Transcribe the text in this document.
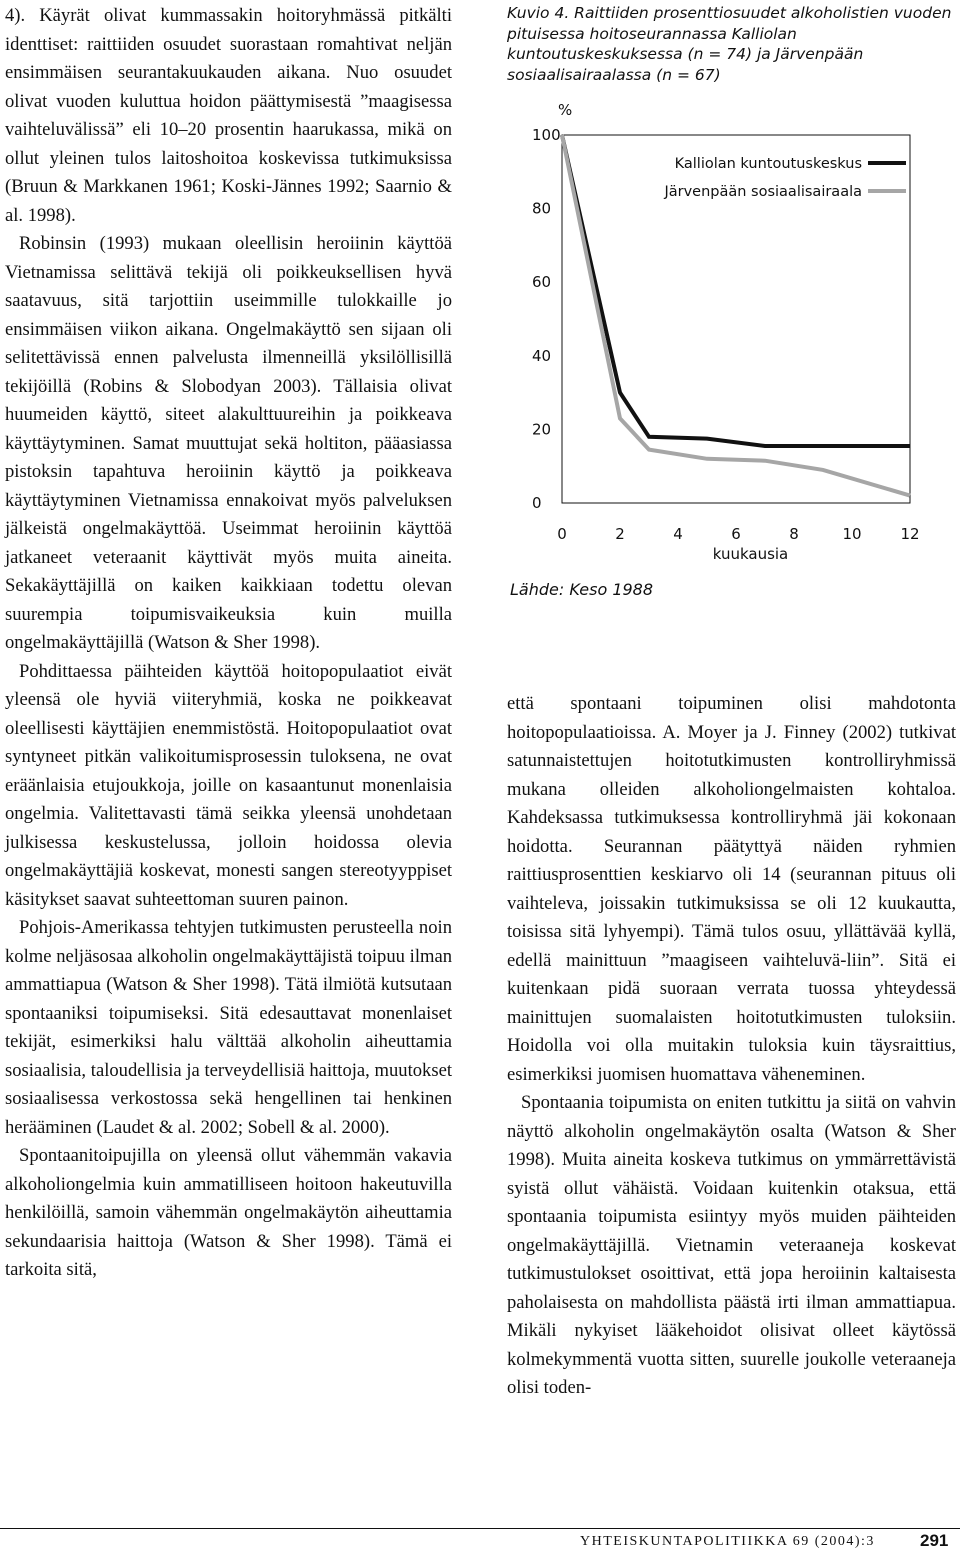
4). Käyrät olivat kummassakin hoitoryhmässä pitkälti identtiset: raittiiden osuudet suorastaan romahtivat neljän ensimmäisen seurantakuukauden aikana. Nuo osuudet olivat vuoden kuluttua hoidon päättymisestä ”maagisessa vaihteluvälissä” eli 10–20 prosentin haarukassa, mikä on ollut yleinen tulos laitoshoitoa koskevissa tutkimuksissa (Bruun & Markkanen 1961; Koski-Jännes 1992; Saarnio & al. 1998).

Robinsin (1993) mukaan oleellisin heroiinin käyttöä Vietnamissa selittävä tekijä oli poikkeuksellisen hyvä saatavuus, sitä tarjottiin useimmille tulokkaille jo ensimmäisen viikon aikana. Ongelmakäyttö sen sijaan oli selitettävissä ennen palvelusta ilmenneillä yksilöllisillä tekijöillä (Robins & Slobodyan 2003). Tällaisia olivat huumeiden käyttö, siteet alakulttuureihin ja poikkeava käyttäytyminen. Samat muuttujat sekä holtiton, pääasiassa pistoksin tapahtuva heroiinin käyttö ja poikkeava käyttäytyminen Vietnamissa ennakoivat myös palveluksen jälkeistä ongelmakäyttöä. Useimmat heroiinin käyttöä jatkaneet veteraanit käyttivät myös muita aineita. Sekakäyttäjillä on kaiken kaikkiaan todettu olevan suurempia toipumisvaikeuksia kuin muilla ongelmakäyttäjillä (Watson & Sher 1998).

Pohdittaessa päihteiden käyttöä hoitopopulaatiot eivät yleensä ole hyviä viiteryhmiä, koska ne poikkeavat oleellisesti käyttäjien enemmistöstä. Hoitopopulaatiot ovat syntyneet pitkän valikoitumisprosessin tuloksena, ne ovat eräänlaisia etujoukkoja, joille on kasaantunut monenlaisia ongelmia. Valitettavasti tämä seikka yleensä unohdetaan julkisessa keskustelussa, jolloin hoidossa olevia ongelmakäyttäjiä koskevat, monesti sangen stereotyyppiset käsitykset saavat suhteettoman suuren painon.

Pohjois-Amerikassa tehtyjen tutkimusten perusteella noin kolme neljäsosaa alkoholin ongelmakäyttäjistä toipuu ilman ammattiapua (Watson & Sher 1998). Tätä ilmiötä kutsutaan spontaaniksi toipumiseksi. Sitä edesauttavat monenlaiset tekijät, esimerkiksi halu välttää alkoholin aiheuttamia sosiaalisia, taloudellisia ja terveydellisiä haittoja, muutokset sosiaalisessa verkostossa sekä hengellinen tai henkinen herääminen (Laudet & al. 2002; Sobell & al. 2000).

Spontaanitoipujilla on yleensä ollut vähemmän vakavia alkoholiongelmia kuin ammatilliseen hoitoon hakeutuvilla henkilöillä, samoin vähemmän ongelmakäytön aiheuttamia sekundaarisia haittoja (Watson & Sher 1998). Tämä ei tarkoita sitä,

Kuvio 4. Raittiiden prosenttiosuudet alkoholistien vuoden pituisessa hoitoseurannassa Kalliolan kuntoutuskeskuksessa (n = 74) ja Järvenpään sosiaalisairaalassa (n = 67)
0
20
40
60
80
100
0	2	4	6	8	10	12
%
kuukausia
Kalliolan kuntoutuskeskus
Järvenpään sosiaalisairaala
Lähde: Keso 1988

että spontaani toipuminen olisi mahdotonta hoitopopulaatioissa. A. Moyer ja J. Finney (2002) tutkivat satunnaistettujen hoitotutkimusten kontrolliryhmissä mukana olleiden alkoholiongelmaisten kohtaloa. Kahdeksassa tutkimuksessa kontrolliryhmä jäi kokonaan hoidotta. Seurannan päätyttyä näiden ryhmien raittiusprosenttien keskiarvo oli 14 (seurannan pituus oli vaihteleva, joissakin tutkimuksissa se oli 12 kuukautta, toisissa sitä lyhyempi). Tämä tulos osuu, yllättävää kyllä, edellä mainittuun ”maagiseen vaihteluvä-liin”. Sitä ei kuitenkaan pidä suoraan verrata tuossa yhteydessä mainittujen suomalaisten hoitotutkimusten tuloksiin. Hoidolla voi olla muitakin tuloksia kuin täysraittius, esimerkiksi juomisen huomattava väheneminen.

Spontaania toipumista on eniten tutkittu ja siitä on vahvin näyttö alkoholin ongelmakäytön osalta (Watson & Sher 1998). Muita aineita koskeva tutkimus on ymmärrettävistä syistä ollut vähäistä. Voidaan kuitenkin otaksua, että spontaania toipumista esiintyy myös muiden päihteiden ongelmakäyttäjillä. Vietnamin veteraaneja koskevat tutkimustulokset osoittivat, että jopa heroiinin kaltaisesta paholaisesta on mahdollista päästä irti ilman ammattiapua. Mikäli nykyiset lääkehoidot olisivat olleet käytössä kolmekymmentä vuotta sitten, suurelle joukolle veteraaneja olisi toden-

YHTEISKUNTAPOLITIIKKA 69 (2004):3	291
